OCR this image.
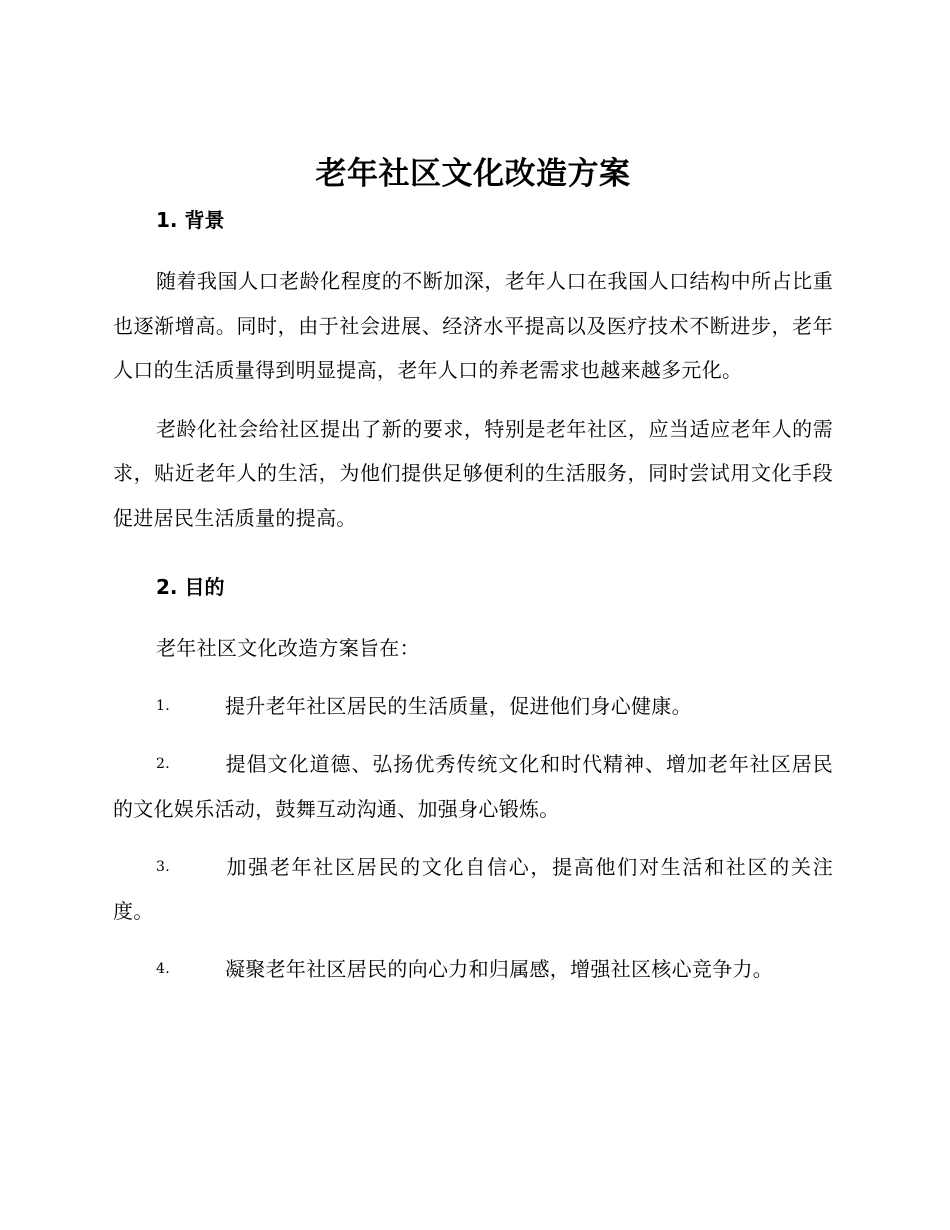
老年社区文化改造方案
1. 背景

随着我国人口老龄化程度的不断加深，老年人口在我国人口结构中所占比重也逐渐增高。同时，由于社会进展、经济水平提高以及医疗技术不断进步，老年人口的生活质量得到明显提高，老年人口的养老需求也越来越多元化。

老龄化社会给社区提出了新的要求，特别是老年社区，应当适应老年人的需求，贴近老年人的生活，为他们提供足够便利的生活服务，同时尝试用文化手段促进居民生活质量的提高。

2. 目的

老年社区文化改造方案旨在：

1.	提升老年社区居民的生活质量，促进他们身心健康。

2.	提倡文化道德、弘扬优秀传统文化和时代精神、增加老年社区居民的文化娱乐活动，鼓舞互动沟通、加强身心锻炼。

3.	加强老年社区居民的文化自信心，提高他们对生活和社区的关注度。

4.	凝聚老年社区居民的向心力和归属感，增强社区核心竞争力。
